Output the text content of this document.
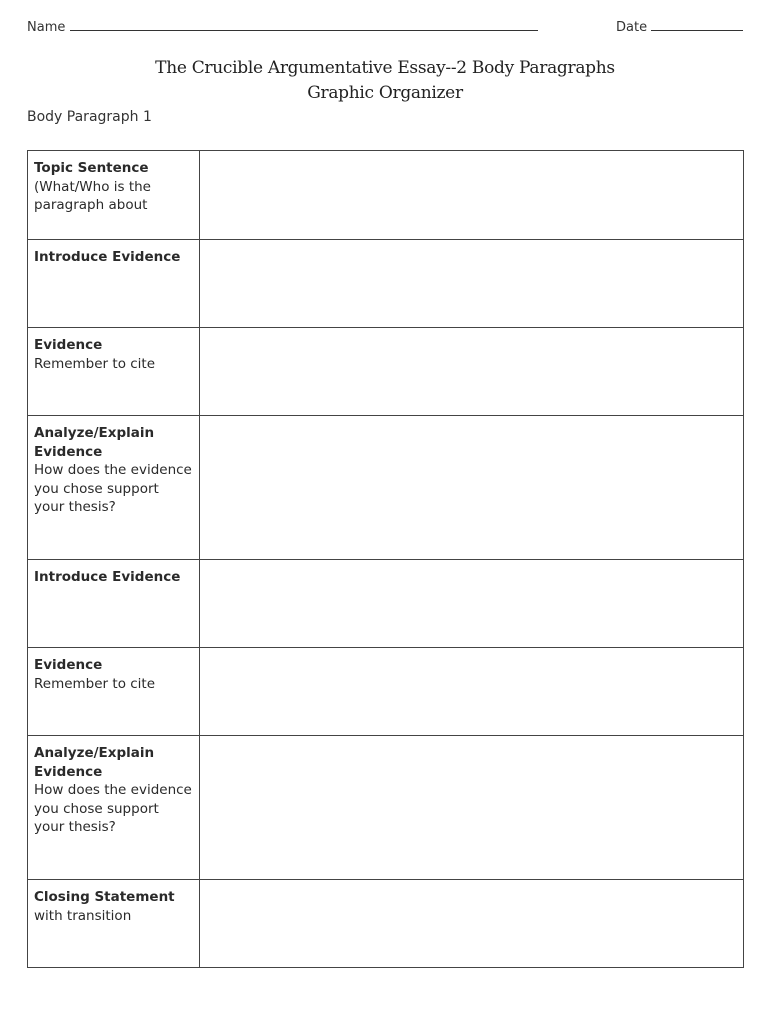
Name	Date
The Crucible Argumentative Essay--2 Body Paragraphs
Graphic Organizer
Body Paragraph 1
Topic Sentence
(What/Who is the paragraph about	

Introduce Evidence	

Evidence
Remember to cite	

Analyze/Explain Evidence
How does the evidence you chose support your thesis?	

Introduce Evidence	

Evidence
Remember to cite	

Analyze/Explain Evidence
How does the evidence you chose support your thesis?	

Closing Statement
with transition	
